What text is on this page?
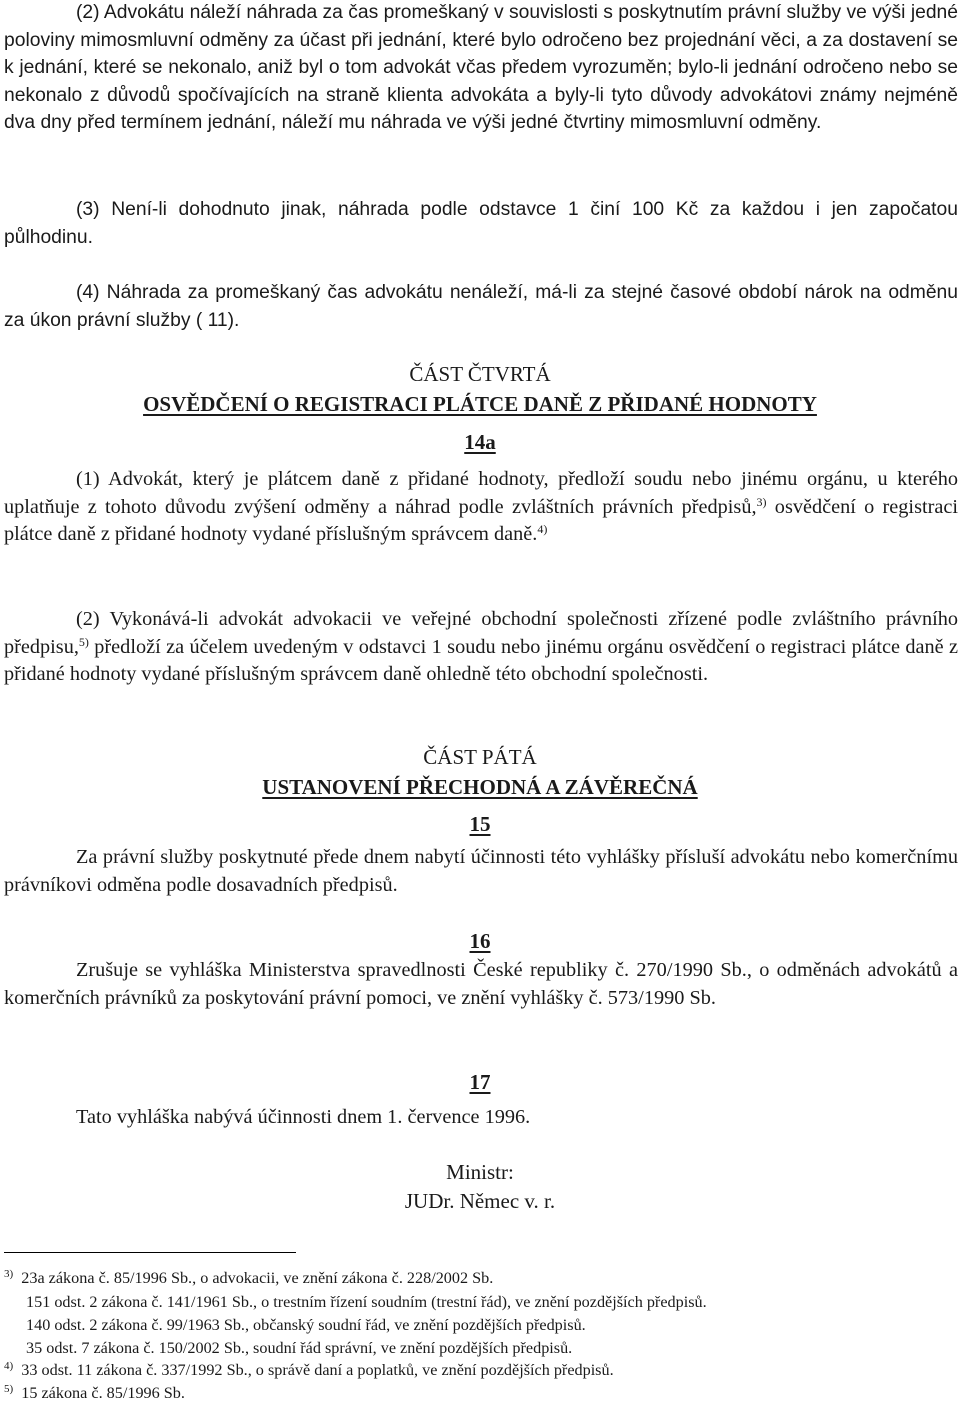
(2) Advokátu náleží náhrada za čas promeškaný v souvislosti s poskytnutím právní služby ve výši jedné poloviny mimosmluvní odměny za účast při jednání, které bylo odročeno bez projednání věci, a za dostavení se k jednání, které se nekonalo, aniž byl o tom advokát včas předem vyrozuměn; bylo-li jednání odročeno nebo se nekonalo z důvodů spočívajících na straně klienta advokáta a byly-li tyto důvody advokátovi známy nejméně dva dny před termínem jednání, náleží mu náhrada ve výši jedné čtvrtiny mimosmluvní odměny.

(3) Není-li dohodnuto jinak, náhrada podle odstavce 1 činí 100 Kč za každou i jen započatou půlhodinu.

(4) Náhrada za promeškaný čas advokátu nenáleží, má-li za stejné časové období nárok na odměnu za úkon právní služby ( 11).

ČÁST ČTVRTÁ

OSVĚDČENÍ O REGISTRACI PLÁTCE DANĚ Z PŘIDANÉ HODNOTY

14a

(1) Advokát, který je plátcem daně z přidané hodnoty, předloží soudu nebo jinému orgánu, u kterého uplatňuje z tohoto důvodu zvýšení odměny a náhrad podle zvláštních právních předpisů,$^{3)}$ osvědčení o registraci plátce daně z přidané hodnoty vydané příslušným správcem daně.$^{4)}$

(2) Vykonává-li advokát advokacii ve veřejné obchodní společnosti zřízené podle zvláštního právního předpisu,$^{5)}$ předloží za účelem uvedeným v odstavci 1 soudu nebo jinému orgánu osvědčení o registraci plátce daně z přidané hodnoty vydané příslušným správcem daně ohledně této obchodní společnosti.

ČÁST PÁTÁ

USTANOVENÍ PŘECHODNÁ A ZÁVĚREČNÁ

15

Za právní služby poskytnuté přede dnem nabytí účinnosti této vyhlášky přísluší advokátu nebo komerčnímu právníkovi odměna podle dosavadních předpisů.

16

Zrušuje se vyhláška Ministerstva spravedlnosti České republiky č. 270/1990 Sb., o odměnách advokátů a komerčních právníků za poskytování právní pomoci, ve znění vyhlášky č. 573/1990 Sb.

17

Tato vyhláška nabývá účinnosti dnem 1. července 1996.

Ministr:

JUDr. Němec v. r.

$^{3)}$ 23a zákona č. 85/1996 Sb., o advokacii, ve znění zákona č. 228/2002 Sb.

151 odst. 2 zákona č. 141/1961 Sb., o trestním řízení soudním (trestní řád), ve znění pozdějších předpisů.

140 odst. 2 zákona č. 99/1963 Sb., občanský soudní řád, ve znění pozdějších předpisů.

35 odst. 7 zákona č. 150/2002 Sb., soudní řád správní, ve znění pozdějších předpisů.

$^{4)}$ 33 odst. 11 zákona č. 337/1992 Sb., o správě daní a poplatků, ve znění pozdějších předpisů.

$^{5)}$ 15 zákona č. 85/1996 Sb.
